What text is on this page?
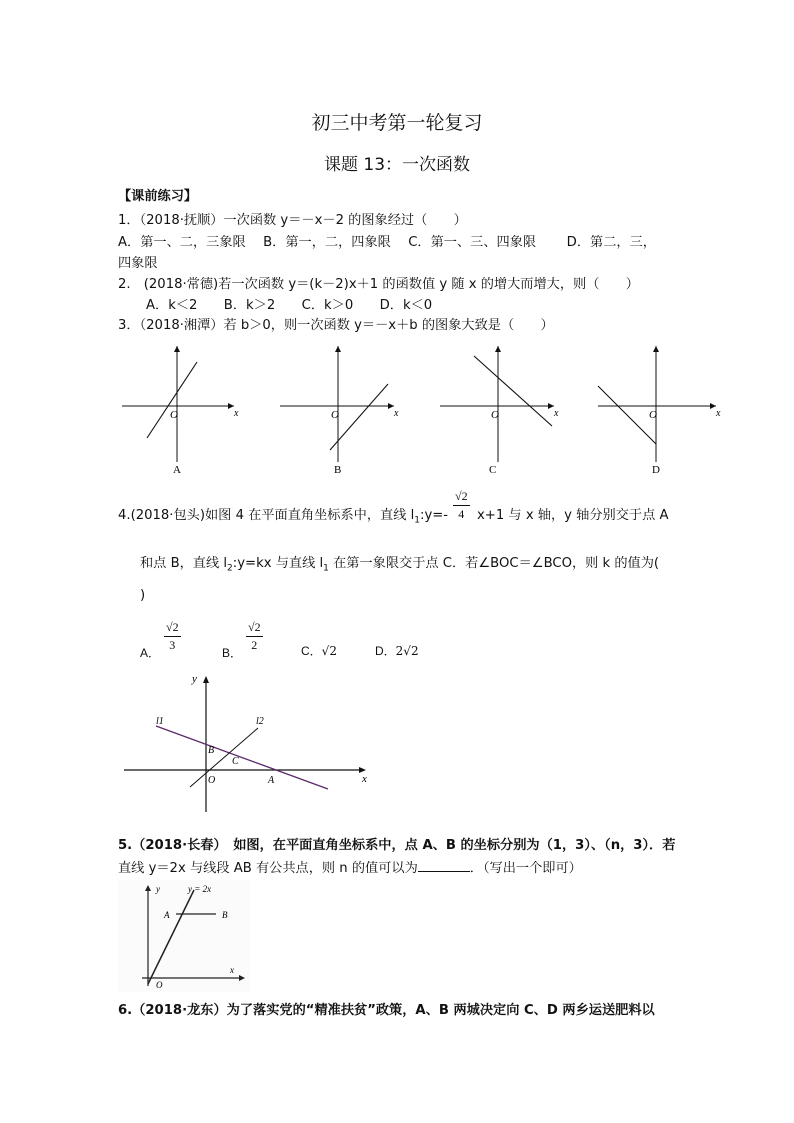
初三中考第一轮复习
课题 13：一次函数
【课前练习】
1．（2018·抚顺）一次函数 y＝－x－2 的图象经过（　　）
A．第一、二，三象限　 B．第一，二，四象限　 C．第一、三、四象限　　 D．第二，三，
四象限
2.　(2018·常德)若一次函数 y＝(k－2)x＋1 的函数值 y 随 x 的增大而增大，则（　　）
A．k＜2　　B．k＞2　　C．k＞0　　D．k＜0
3．（2018·湘潭）若 b＞0，则一次函数 y＝－x＋b 的图象大致是（　　）
O	x
A
O	x
B
O	x
C
O	x
D
4.(2018·包头)如图 4 在平面直角坐标系中，直线 $l_1:y=- \frac{√2}{4} x+1$ 与 x 轴，y 轴分别交于点 A
和点 B，直线 $l_2:y=kx$ 与直线 $l_1$ 在第一象限交于点 C．若∠BOC＝∠BCO，则 k 的值为(
)
A． $\frac{√2}{3}$	B． $\frac{√2}{2}$	C．√2	D．2√2
y
x
O	A
B
C
l1	l2
5.（2018·长春）　如图，在平面直角坐标系中，点 A、B 的坐标分别为（1，3）、（n，3）．若
直线 y＝2x 与线段 AB 有公共点，则 n 的值可以为	．（写出一个即可）
y
x
O
A	B
y = 2x
6.（2018·龙东）为了落实党的“精准扶贫”政策，A、B 两城决定向 C、D 两乡运送肥料以
